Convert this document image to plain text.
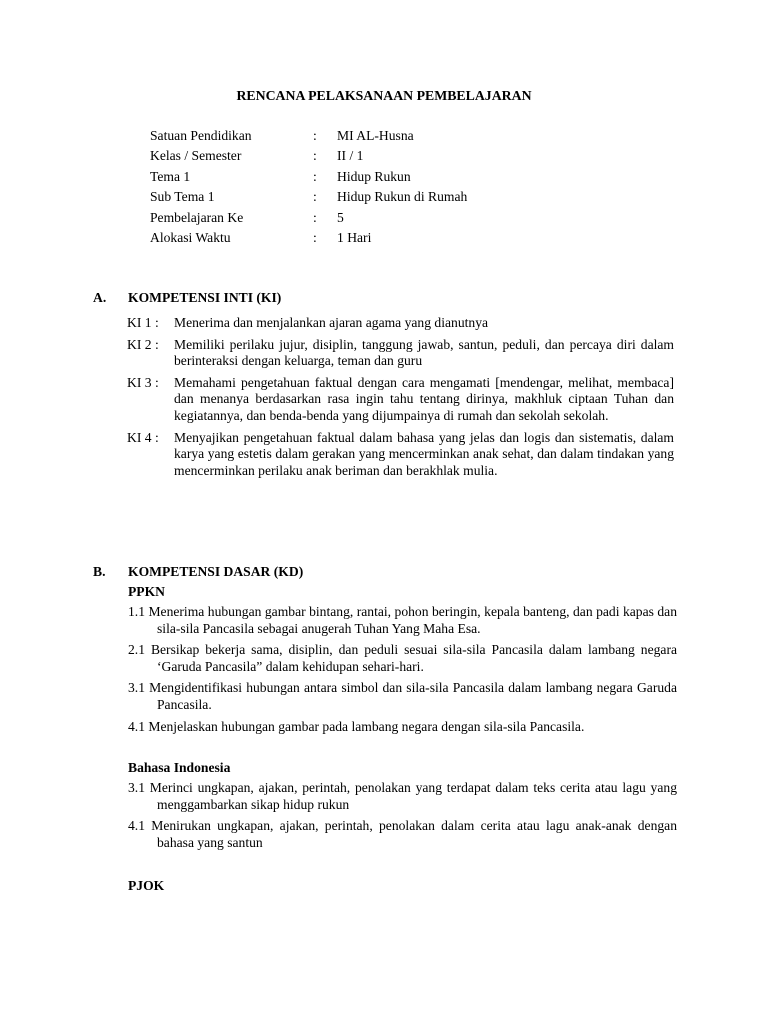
RENCANA PELAKSANAAN PEMBELAJARAN
Satuan Pendidikan	: MI AL-Husna
Kelas / Semester	: II / 1
Tema 1	: Hidup Rukun
Sub Tema 1	: Hidup Rukun di Rumah
Pembelajaran Ke	: 5
Alokasi Waktu	: 1 Hari
A. KOMPETENSI INTI (KI)
KI 1 : Menerima dan menjalankan ajaran agama yang dianutnya
KI 2 : Memiliki perilaku jujur, disiplin, tanggung jawab, santun, peduli, dan percaya diri dalam berinteraksi dengan keluarga, teman dan guru
KI 3 : Memahami pengetahuan faktual dengan cara mengamati [mendengar, melihat, membaca] dan menanya berdasarkan rasa ingin tahu tentang dirinya, makhluk ciptaan Tuhan dan kegiatannya, dan benda-benda yang dijumpainya di rumah dan sekolah sekolah.
KI 4 : Menyajikan pengetahuan faktual dalam bahasa yang jelas dan logis dan sistematis, dalam karya yang estetis dalam gerakan yang mencerminkan anak sehat, dan dalam tindakan yang mencerminkan perilaku anak beriman dan berakhlak mulia.
B. KOMPETENSI DASAR (KD)
PPKN
1.1 Menerima hubungan gambar bintang, rantai, pohon beringin, kepala banteng, dan padi kapas dan sila-sila Pancasila sebagai anugerah Tuhan Yang Maha Esa.
2.1 Bersikap bekerja sama, disiplin, dan peduli sesuai sila-sila Pancasila dalam lambang negara ‘Garuda Pancasila” dalam kehidupan sehari-hari.
3.1 Mengidentifikasi hubungan antara simbol dan sila-sila Pancasila dalam lambang negara Garuda Pancasila.
4.1 Menjelaskan hubungan gambar pada lambang negara dengan sila-sila Pancasila.
Bahasa Indonesia
3.1 Merinci ungkapan, ajakan, perintah, penolakan yang terdapat dalam teks cerita atau lagu yang menggambarkan sikap hidup rukun
4.1 Menirukan ungkapan, ajakan, perintah, penolakan dalam cerita atau lagu anak-anak dengan bahasa yang santun
PJOK
